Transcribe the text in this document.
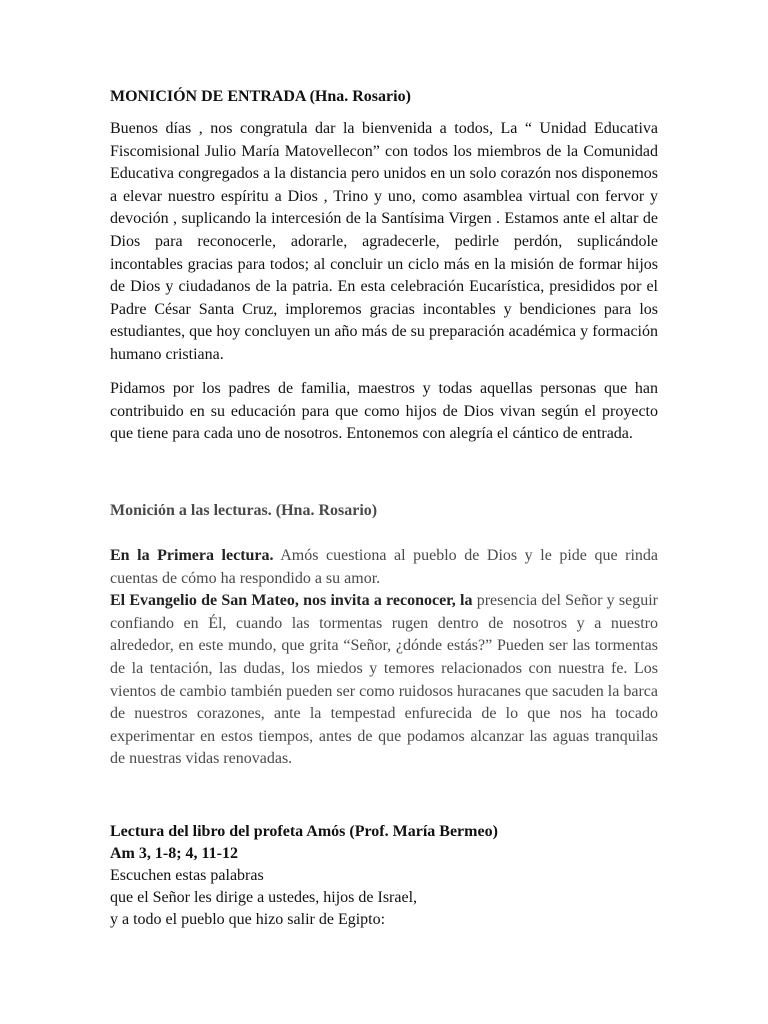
MONICIÓN DE ENTRADA (Hna. Rosario)

Buenos días , nos congratula dar la bienvenida a todos, La “ Unidad Educativa Fiscomisional Julio María Matovellecon” con todos los miembros de la Comunidad Educativa congregados a la distancia pero unidos en un solo corazón nos disponemos a elevar nuestro espíritu a Dios , Trino y uno, como asamblea virtual con fervor y devoción , suplicando la intercesión de la Santísima Virgen . Estamos ante el altar de Dios para reconocerle, adorarle, agradecerle, pedirle perdón, suplicándole incontables gracias para todos; al concluir un ciclo más en la misión de formar hijos de Dios y ciudadanos de la patria. En esta celebración Eucarística, presididos por el Padre César Santa Cruz, imploremos gracias incontables y bendiciones para los estudiantes, que hoy concluyen un año más de su preparación académica y formación humano cristiana.

Pidamos por los padres de familia, maestros y todas aquellas personas que han contribuido en su educación para que como hijos de Dios vivan según el proyecto que tiene para cada uno de nosotros. Entonemos con alegría el cántico de entrada.

Monición a las lecturas. (Hna. Rosario)

En la Primera lectura. Amós cuestiona al pueblo de Dios y le pide que rinda cuentas de cómo ha respondido a su amor.

El Evangelio de San Mateo, nos invita a reconocer, la presencia del Señor y seguir confiando en Él, cuando las tormentas rugen dentro de nosotros y a nuestro alrededor, en este mundo, que grita “Señor, ¿dónde estás?” Pueden ser las tormentas de la tentación, las dudas, los miedos y temores relacionados con nuestra fe. Los vientos de cambio también pueden ser como ruidosos huracanes que sacuden la barca de nuestros corazones, ante la tempestad enfurecida de lo que nos ha tocado experimentar en estos tiempos, antes de que podamos alcanzar las aguas tranquilas de nuestras vidas renovadas.

Lectura del libro del profeta Amós (Prof. María Bermeo)

Am 3, 1-8; 4, 11-12

Escuchen estas palabras

que el Señor les dirige a ustedes, hijos de Israel,

y a todo el pueblo que hizo salir de Egipto:
